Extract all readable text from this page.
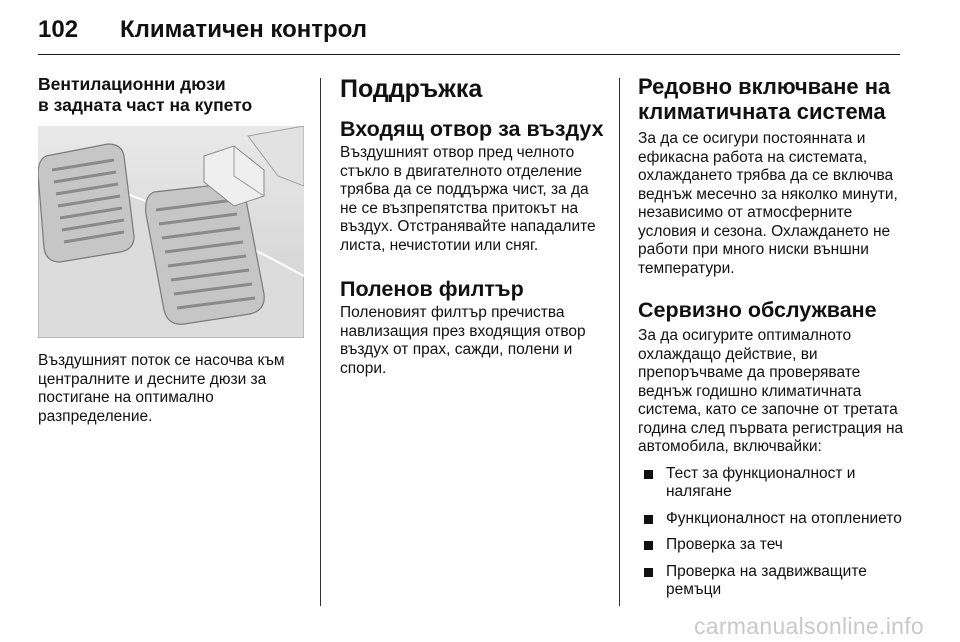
102 Климатичен контрол
Вентилационни дюзи
в задната част на купето

Въздушният поток се насочва към централните и десните дюзи за постигане на оптимално разпределение.

Поддръжка
Входящ отвор за въздух

Въздушният отвор пред челното стъкло в двигателното отделение трябва да се поддържа чист, за да не се възпрепятства притокът на въздух. Отстранявайте нападалите листа, нечистотии или сняг.

Поленов филтър

Поленовият филтър пречиства навлизащия през входящия отвор въздух от прах, сажди, полени и спори.

Редовно включване на
климатичната система

За да се осигури постоянната и ефикасна работа на системата, охлаждането трябва да се включва веднъж месечно за няколко минути, независимо от атмосферните условия и сезона. Охлаждането не работи при много ниски външни температури.

Сервизно обслужване

За да осигурите оптималното охлаждащо действие, ви препоръчваме да проверявате веднъж годишно климатичната система, като се започне от третата година след първата регистрация на автомобила, включвайки:

Тест за функционалност и налягане
Функционалност на отоплението
Проверка за теч
Проверка на задвижващите ремъци
carmanualsonline.info
